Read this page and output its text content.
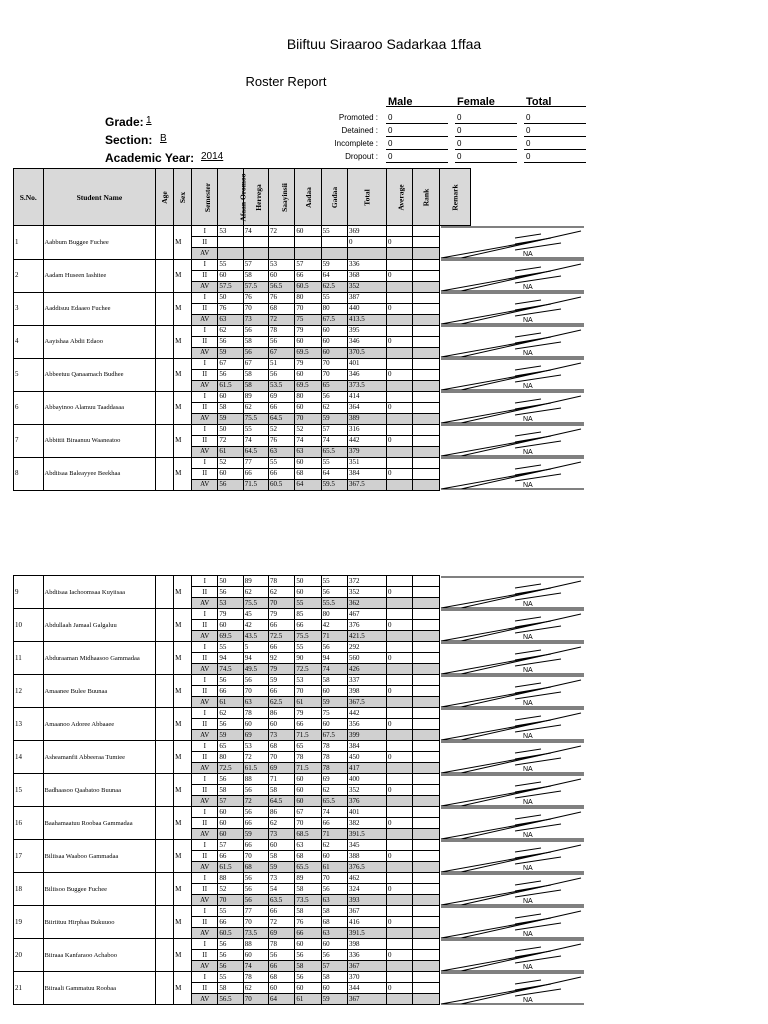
Biiftuu Siraaroo Sadarkaa 1ffaa
Roster Report
Grade: 1
Section: B
Academic Year: 2014
Male	Female	Total
Promoted : 0	0	0
Detained : 0	0	0
Incomplete : 0	0	0
Dropout : 0	0	0
S.No.	Student Name	Age	Sex	Semester	Afaan Oromoo	Herrega	Saayinsii	Aadaa	Gadaa	Total	Average	Rank	Remark	
1	Aabbum Buggee Fuchee		M	I	53	74	72	60	55	369			NA	

				II						0	0			
				AV										
2	Aadam Huseen Iashitee		M	I	55	57	53	57	59	336			NA	

				II	60	58	60	66	64	368	0			
				AV	57.5	57.5	56.5	60.5	62.5	352				
3	Aaddisuu Edaaeo Fuchee		M	I	50	76	76	80	55	387			NA	

				II	76	70	68	70	80	440	0			
				AV	63	73	72	75	67.5	413.5				
4	Aayishaa Abdii Edaoo		M	I	62	56	78	79	60	395			NA	

				II	56	58	56	60	60	346	0			
				AV	59	56	67	69.5	60	370.5				
5	Abbeetuu Qanaamach Budhee		M	I	67	67	51	79	70	401			NA	

				II	56	58	56	60	70	346	0			
				AV	61.5	58	53.5	69.5	65	373.5				
6	Abbayinoo Alamuu Taaddasaa		M	I	60	89	69	80	56	414			NA	

				II	58	62	66	60	62	364	0			
				AV	59	75.5	64.5	70	59	389				
7	Abbittii Biraanuu Waaneatoo		M	I	50	55	52	52	57	316			NA	

				II	72	74	76	74	74	442	0			
				AV	61	64.5	63	63	65.5	379				
8	Abdiisaa Baleayyee Beekhaa		M	I	52	77	55	60	55	351			NA	

				II	60	66	66	68	64	384	0			
				AV	56	71.5	60.5	64	59.5	367.5				
9	Abdiisaa Iachoomsaa Kuyiisaa		M	I	50	89	78	50	55	372			NA

				II	56	62	62	60	56	352	0		
				AV	53	75.5	70	55	55.5	362			
10	Abdullaah Jamaal Galgaluu		M	I	79	45	79	85	80	467			NA

				II	60	42	66	66	42	376	0		
				AV	69.5	43.5	72.5	75.5	71	421.5			
11	Abduraaman Midhaasoo Gammadaa		M	I	55	5	66	55	56	292			NA

				II	94	94	92	90	94	560	0		
				AV	74.5	49.5	79	72.5	74	426			
12	Amaanee Bulee Buunaa		M	I	56	56	59	53	58	337			NA

				II	66	70	66	70	60	398	0		
				AV	61	63	62.5	61	59	367.5			
13	Amaanoo Adoree Abbaaee		M	I	62	78	86	79	75	442			NA

				II	56	60	60	66	60	356	0		
				AV	59	69	73	71.5	67.5	399			
14	Asheamanfii Abbeeraa Tumiee		M	I	65	53	68	65	78	384			NA

				II	80	72	70	78	78	450	0		
				AV	72.5	61.5	69	71.5	78	417			
15	Badhaasoo Qaabatoo Buunaa		M	I	56	88	71	60	69	400			NA

				II	58	56	58	60	62	352	0		
				AV	57	72	64.5	60	65.5	376			
16	Baahamaatuu Roobaa Gammadaa		M	I	60	56	86	67	74	401			NA

				II	60	66	62	70	66	382	0		
				AV	60	59	73	68.5	71	391.5			
17	Biliisaa Waaboo Gammadaa		M	I	57	66	60	63	62	345			NA

				II	66	70	58	68	60	388	0		
				AV	61.5	68	59	65.5	61	376.5			
18	Biliisoo Buggee Fuchee		M	I	88	56	73	89	70	462			NA

				II	52	56	54	58	56	324	0		
				AV	70	56	63.5	73.5	63	393			
19	Biiriituu Hirphaa Bukuuoo		M	I	55	77	66	58	58	367			NA

				II	66	70	72	76	68	416	0		
				AV	60.5	73.5	69	66	63	391.5			
20	Biiraaa Kanfaraoo Achaboo		M	I	56	88	78	60	60	398			NA

				II	56	60	56	56	56	336	0		
				AV	56	74	66	58	57	367			
21	Biiraali Gammatuu Roobaa		M	I	55	78	68	56	58	370			NA

				II	58	62	60	60	60	344	0		
				AV	56.5	70	64	61	59	367			
